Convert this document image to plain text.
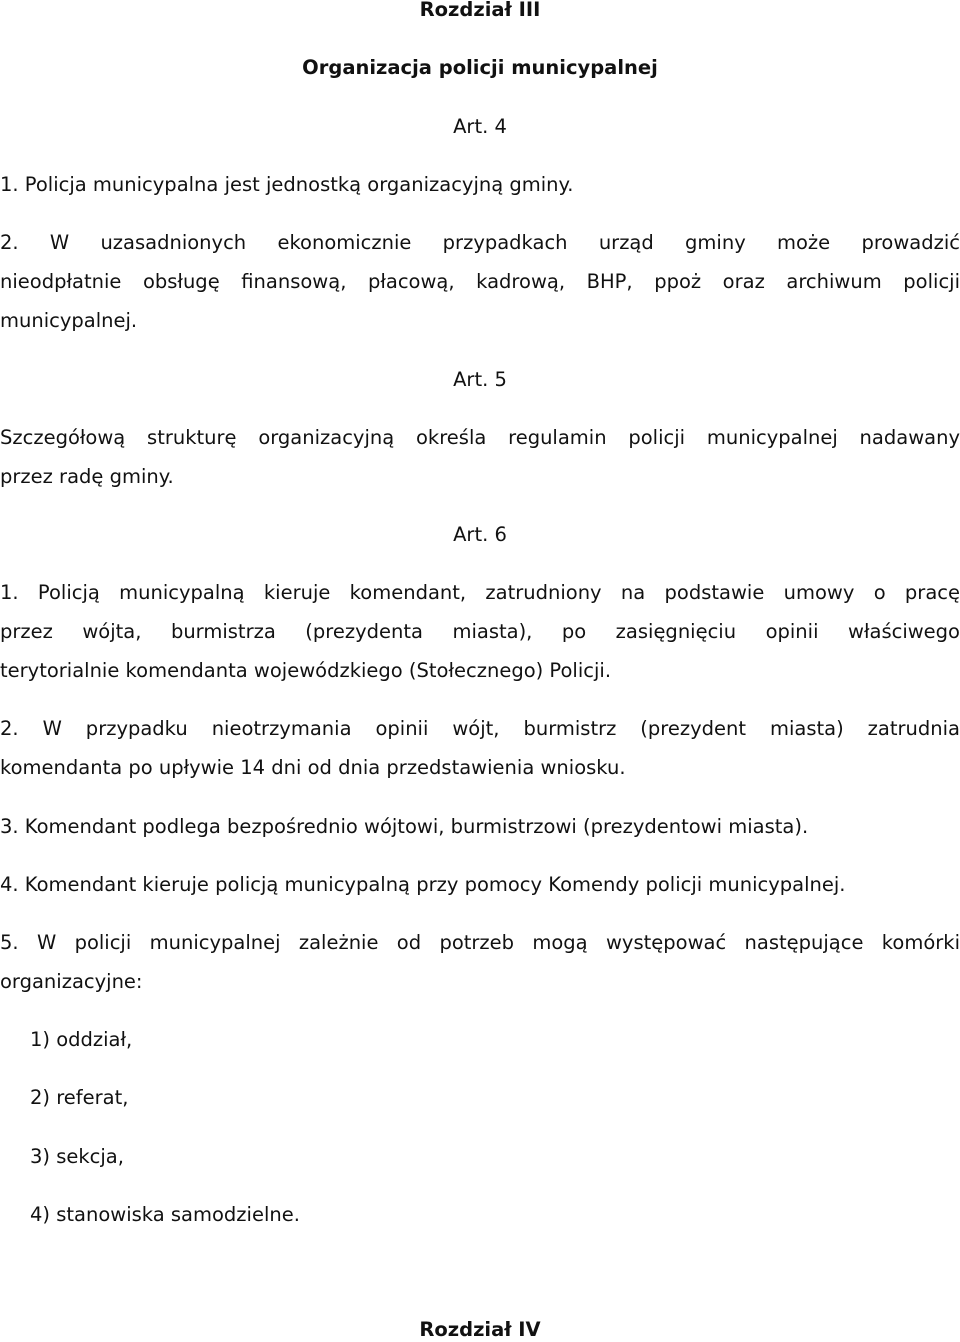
Rozdział III
Organizacja policji municypalnej
Art. 4
1. Policja municypalna jest jednostką organizacyjną gminy.
2. W uzasadnionych ekonomicznie przypadkach urząd gminy może prowadzić
nieodpłatnie obsługę finansową, płacową, kadrową, BHP, ppoż oraz archiwum policji
municypalnej.
Art. 5
Szczegółową strukturę organizacyjną określa regulamin policji municypalnej nadawany
przez radę gminy.
Art. 6
1. Policją municypalną kieruje komendant, zatrudniony na podstawie umowy o pracę
przez wójta, burmistrza (prezydenta miasta), po zasięgnięciu opinii właściwego
terytorialnie komendanta wojewódzkiego (Stołecznego) Policji.
2. W przypadku nieotrzymania opinii wójt, burmistrz (prezydent miasta) zatrudnia
komendanta po upływie 14 dni od dnia przedstawienia wniosku.
3. Komendant podlega bezpośrednio wójtowi, burmistrzowi (prezydentowi miasta).
4. Komendant kieruje policją municypalną przy pomocy Komendy policji municypalnej.
5. W policji municypalnej zależnie od potrzeb mogą występować następujące komórki
organizacyjne:
1) oddział,
2) referat,
3) sekcja,
4) stanowiska samodzielne.
Rozdział IV
